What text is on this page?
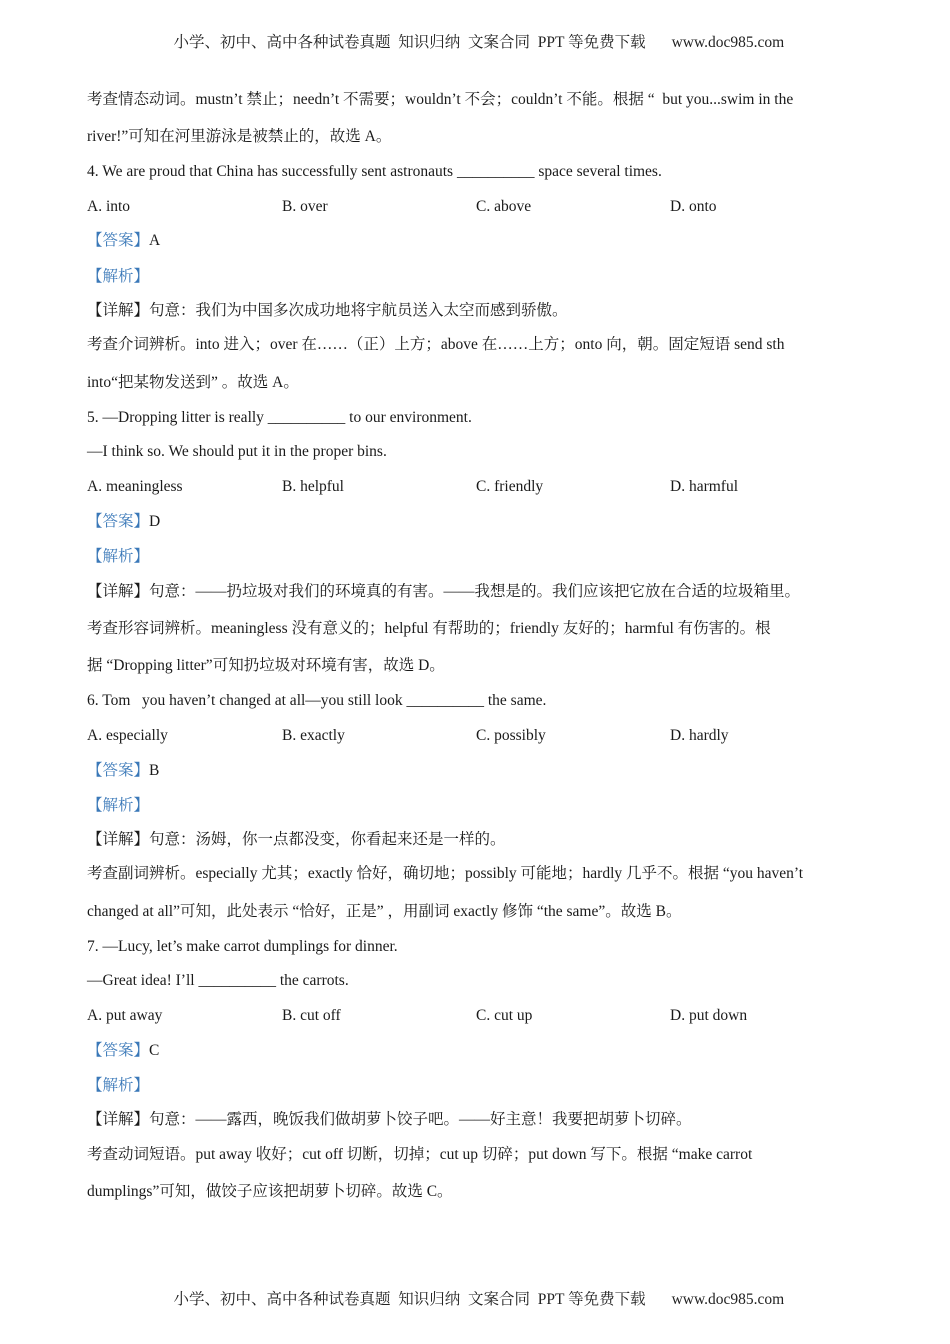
小学、初中、高中各种试卷真题  知识归纳  文案合同  PPT 等免费下载 www.doc985.com

考查情态动词。mustn’t 禁止；needn’t 不需要；wouldn’t 不会；couldn’t 不能。根据 “  but you...swim in the
river!”可知在河里游泳是被禁止的，故选 A。
4. We are proud that China has successfully sent astronauts __________ space several times.
A. into	B. over	C. above	D. onto
【答案】A
【解析】
【详解】句意：我们为中国多次成功地将宇航员送入太空而感到骄傲。
考查介词辨析。into 进入；over 在……（正）上方；above 在……上方；onto 向，朝。固定短语 send sth
into“把某物发送到” 。故选 A。
5. —Dropping litter is really __________ to our environment.
—I think so. We should put it in the proper bins.
A. meaningless	B. helpful	C. friendly	D. harmful
【答案】D
【解析】
【详解】句意：——扔垃圾对我们的环境真的有害。——我想是的。我们应该把它放在合适的垃圾箱里。
考查形容词辨析。meaningless 没有意义的；helpful 有帮助的；friendly 友好的；harmful 有伤害的。根
据 “Dropping litter”可知扔垃圾对环境有害，故选 D。
6. Tom   you haven’t changed at all—you still look __________ the same.
A. especially	B. exactly	C. possibly	D. hardly
【答案】B
【解析】
【详解】句意：汤姆，你一点都没变，你看起来还是一样的。
考查副词辨析。especially 尤其；exactly 恰好，确切地；possibly 可能地；hardly 几乎不。根据 “you haven’t
changed at all”可知，此处表示 “恰好，正是” ，用副词 exactly 修饰 “the same”。故选 B。
7. —Lucy, let’s make carrot dumplings for dinner.
—Great idea! I’ll __________ the carrots.
A. put away	B. cut off	C. cut up	D. put down
【答案】C
【解析】
【详解】句意：——露西，晚饭我们做胡萝卜饺子吧。——好主意！我要把胡萝卜切碎。
考查动词短语。put away 收好；cut off 切断，切掉；cut up 切碎；put down 写下。根据 “make carrot
dumplings”可知，做饺子应该把胡萝卜切碎。故选 C。

小学、初中、高中各种试卷真题  知识归纳  文案合同  PPT 等免费下载 www.doc985.com
